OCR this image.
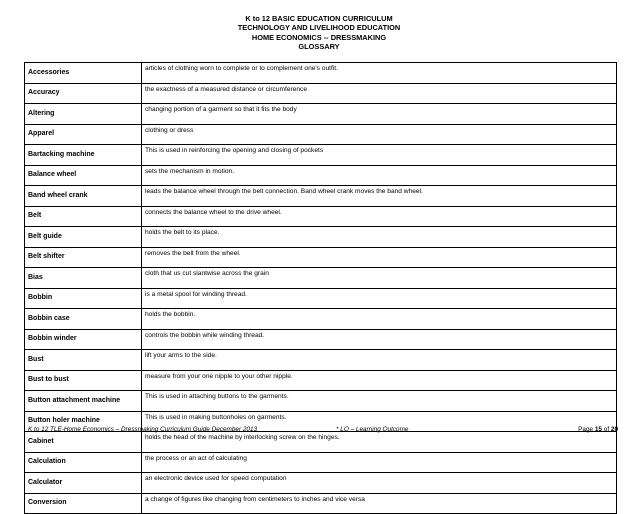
K to 12 BASIC EDUCATION CURRICULUM
TECHNOLOGY AND LIVELIHOOD EDUCATION
HOME ECONOMICS -- DRESSMAKING
GLOSSARY
Accessories	articles of clothing worn to complete or to complement one's outfit.
Accuracy	the exactness of a measured distance or circumference
Altering	changing portion of a garment so that it fits the body
Apparel	clothing or dress
Bartacking machine	This is used in reinforcing the opening and closing of pockets
Balance wheel	sets the mechanism in motion.
Band wheel crank	leads the balance wheel through the belt connection. Band wheel crank moves the band wheel.
Belt	connects the balance wheel to the drive wheel.
Belt guide	holds the belt to its place.
Belt shifter	removes the belt from the wheel.
Bias	cloth that us cut slantwise across the grain
Bobbin	is a metal spool for winding thread.
Bobbin case	holds the bobbin.
Bobbin winder	controls the bobbin while winding thread.
Bust	lift your arms to the side.
Bust to bust	measure from your one nipple to your other nipple.
Button attachment machine	This is used in attaching buttons to the garments.
Button holer machine	This is used in making buttonholes on garments.
Cabinet	holds the head of the machine by interlocking screw on the hinges.
Calculation	the process or an act of calculating
Calculator	an electronic device used for speed computation
Conversion	a change of figures like changing from centimeters to inches and vice versa
K to 12 TLE-Home Economics – Dressmaking Curriculum Guide December 2013	* LO – Learning Outcome	Page 15 of 20
